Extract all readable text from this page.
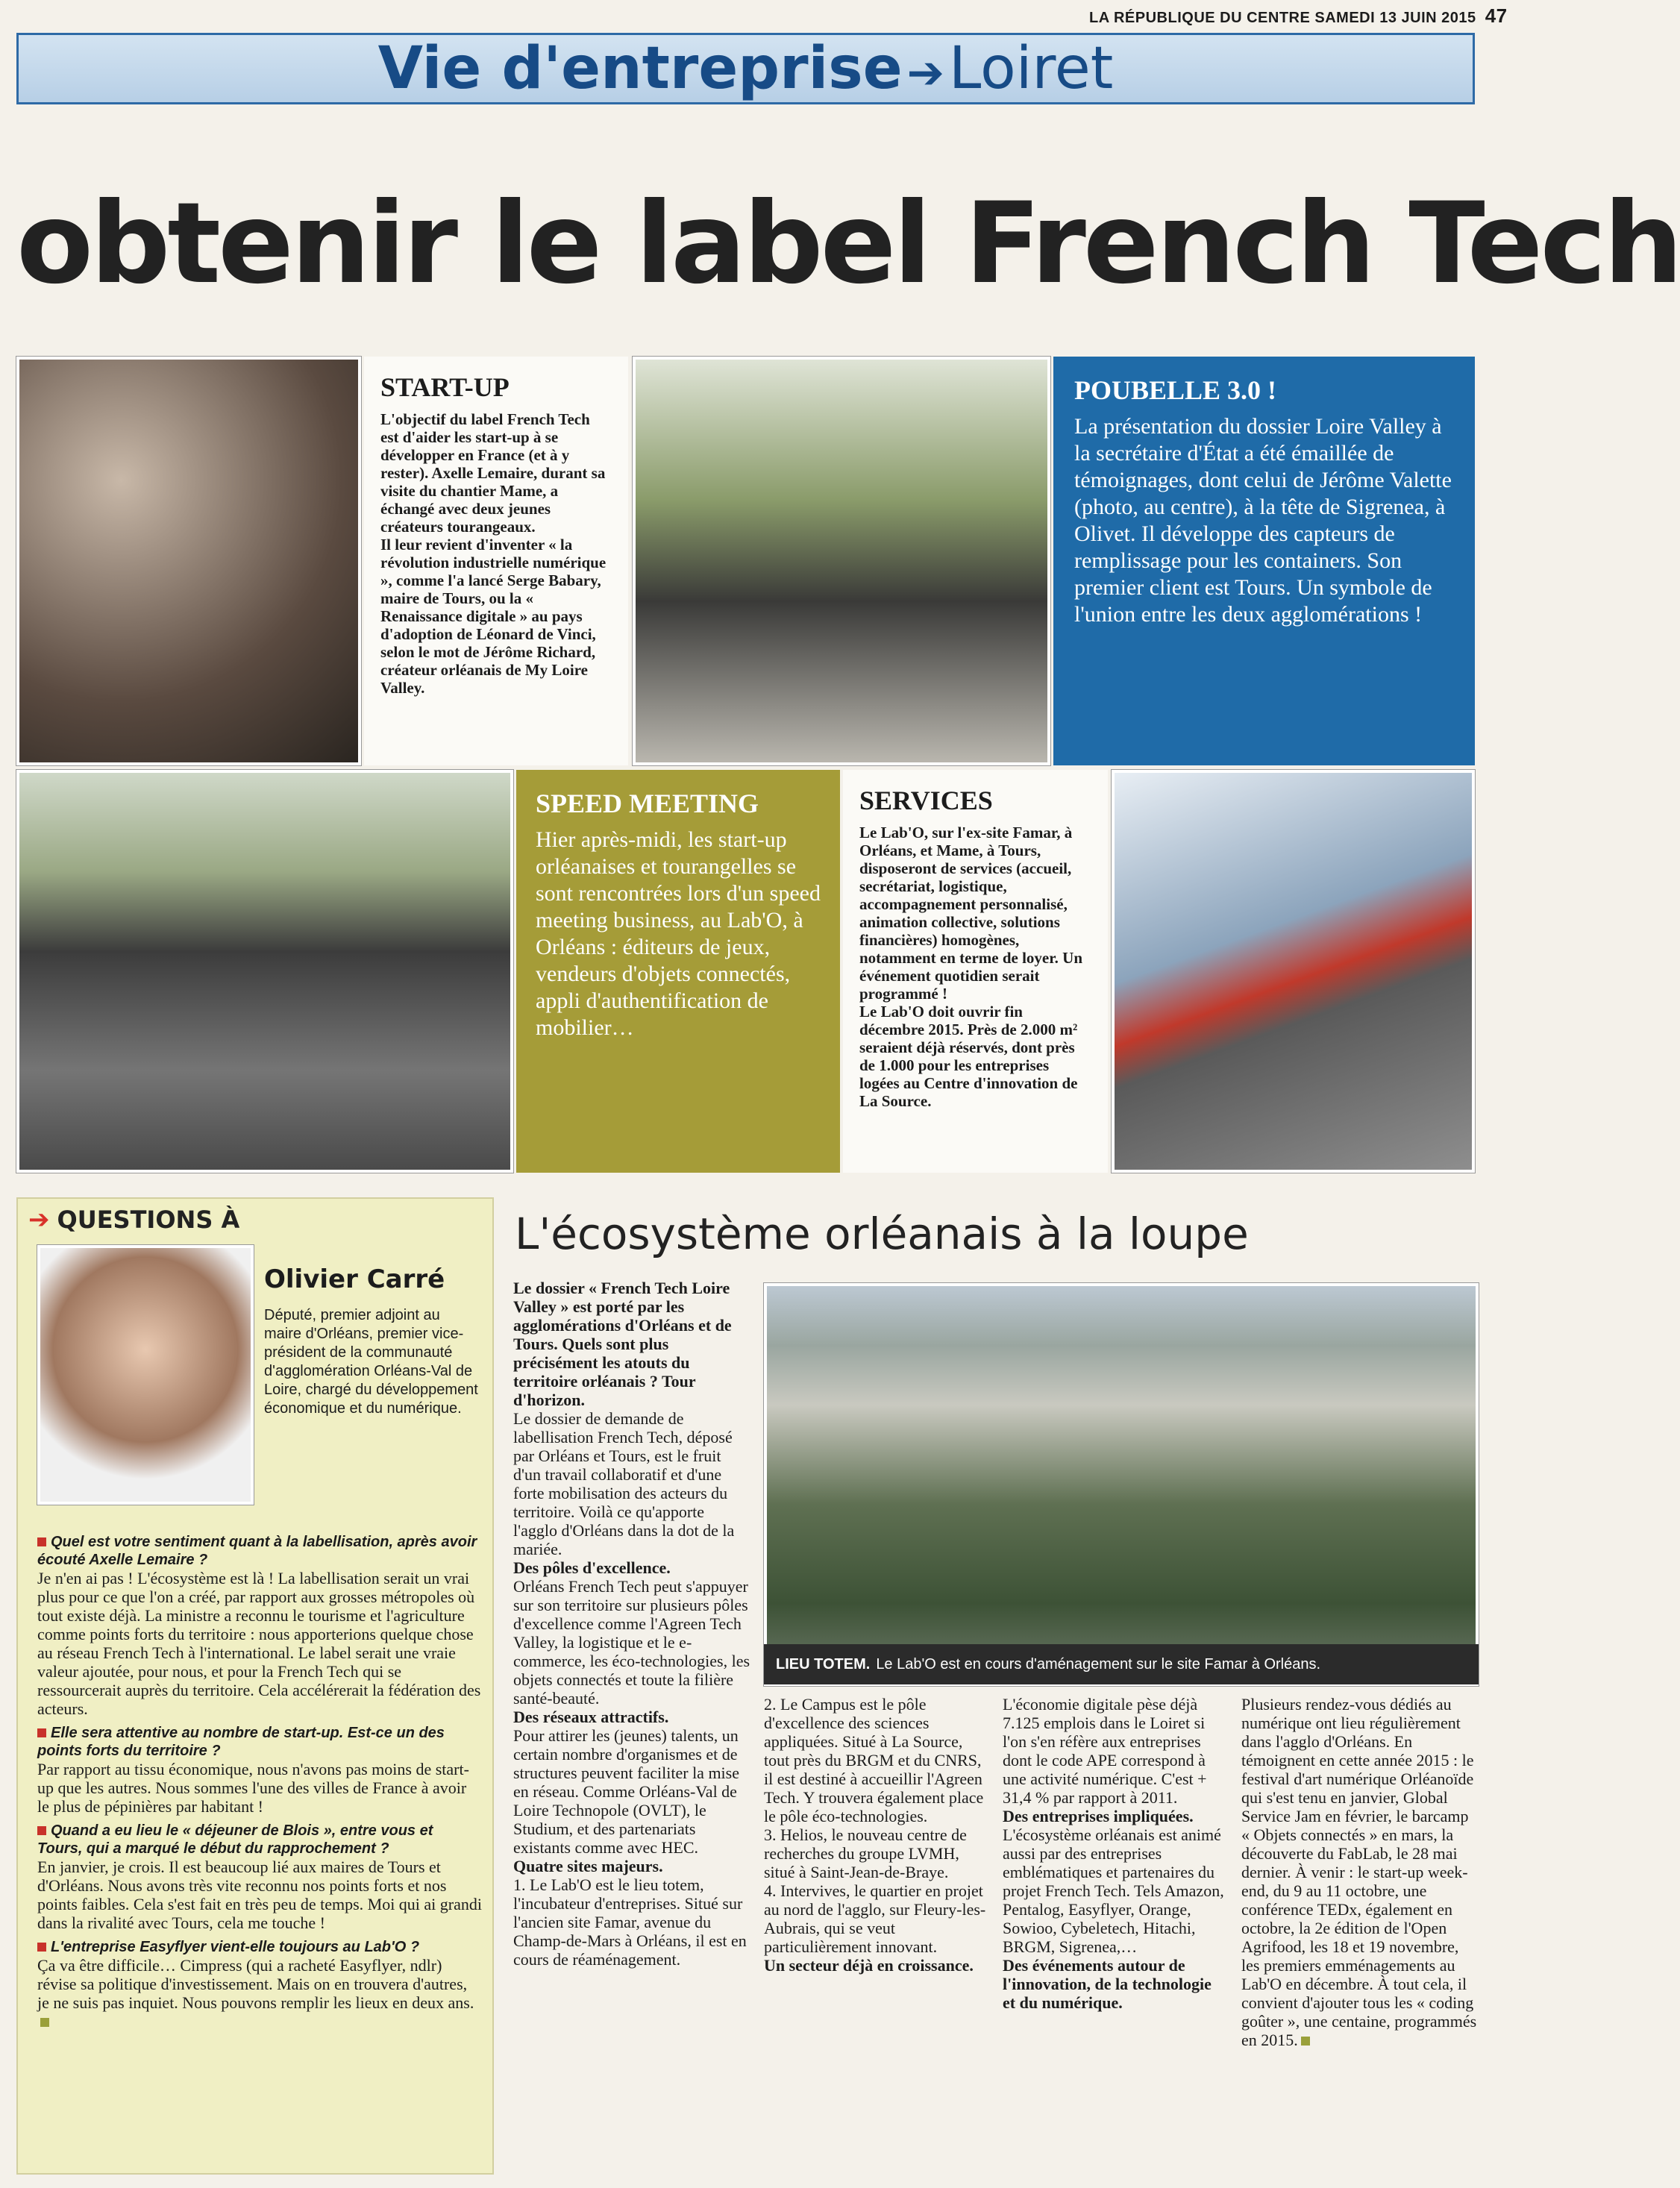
LA RÉPUBLIQUE DU CENTRE SAMEDI 13 JUIN 2015 47
Vie d'entreprise ➔Loiret
obtenir le label French Tech
START-UP
L'objectif du label French Tech est d'aider les start-up à se développer en France (et à y rester). Axelle Lemaire, durant sa visite du chantier Mame, a échangé avec deux jeunes créateurs tourangeaux.
Il leur revient d'inventer « la révolution industrielle numérique », comme l'a lancé Serge Babary, maire de Tours, ou la « Renaissance digitale » au pays d'adoption de Léonard de Vinci, selon le mot de Jérôme Richard, créateur orléanais de My Loire Valley.
POUBELLE 3.0 !
La présentation du dossier Loire Valley à la secrétaire d'État a été émaillée de témoignages, dont celui de Jérôme Valette (photo, au centre), à la tête de Sigrenea, à Olivet. Il développe des capteurs de remplissage pour les containers. Son premier client est Tours. Un symbole de l'union entre les deux agglomérations !
SPEED MEETING
Hier après-midi, les start-up orléanaises et tourangelles se sont rencontrées lors d'un speed meeting business, au Lab'O, à Orléans : éditeurs de jeux, vendeurs d'objets connectés, appli d'authentification de mobilier…
SERVICES
Le Lab'O, sur l'ex-site Famar, à Orléans, et Mame, à Tours, disposeront de services (accueil, secrétariat, logistique, accompagnement personnalisé, animation collective, solutions financières) homogènes, notamment en terme de loyer. Un événement quotidien serait programmé !
Le Lab'O doit ouvrir fin décembre 2015. Près de 2.000 m² seraient déjà réservés, dont près de 1.000 pour les entreprises logées au Centre d'innovation de La Source.
➔ QUESTIONS À
Olivier Carré
Député, premier adjoint au maire d'Orléans, premier vice-président de la communauté d'agglomération Orléans-Val de Loire, chargé du développement économique et du numérique.
Quel est votre sentiment quant à la labellisation, après avoir écouté Axelle Lemaire ?
Je n'en ai pas ! L'écosystème est là ! La labellisation serait un vrai plus pour ce que l'on a créé, par rapport aux grosses métropoles où tout existe déjà. La ministre a reconnu le tourisme et l'agriculture comme points forts du territoire : nous apporterions quelque chose au réseau French Tech à l'international. Le label serait une vraie valeur ajoutée, pour nous, et pour la French Tech qui se ressourcerait auprès du territoire. Cela accélérerait la fédération des acteurs.
Elle sera attentive au nombre de start-up. Est-ce un des points forts du territoire ?
Par rapport au tissu économique, nous n'avons pas moins de start-up que les autres. Nous sommes l'une des villes de France à avoir le plus de pépinières par habitant !
Quand a eu lieu le « déjeuner de Blois », entre vous et Tours, qui a marqué le début du rapprochement ?
En janvier, je crois. Il est beaucoup lié aux maires de Tours et d'Orléans. Nous avons très vite reconnu nos points forts et nos points faibles. Cela s'est fait en très peu de temps. Moi qui ai grandi dans la rivalité avec Tours, cela me touche !
L'entreprise Easyflyer vient-elle toujours au Lab'O ?
Ça va être difficile… Cimpress (qui a racheté Easyflyer, ndlr) révise sa politique d'investissement. Mais on en trouvera d'autres, je ne suis pas inquiet. Nous pouvons remplir les lieux en deux ans.
L'écosystème orléanais à la loupe

Le dossier « French Tech Loire Valley » est porté par les agglomérations d'Orléans et de Tours. Quels sont plus précisément les atouts du territoire orléanais ? Tour d'horizon.

Le dossier de demande de labellisation French Tech, déposé par Orléans et Tours, est le fruit d'un travail collaboratif et d'une forte mobilisation des acteurs du territoire. Voilà ce qu'apporte l'agglo d'Orléans dans la dot de la mariée.

Des pôles d'excellence.

Orléans French Tech peut s'appuyer sur son territoire sur plusieurs pôles d'excellence comme l'Agreen Tech Valley, la logistique et le e-commerce, les éco-technologies, les objets connectés et toute la filière santé-beauté.

Des réseaux attractifs.

Pour attirer les (jeunes) talents, un certain nombre d'organismes et de structures peuvent faciliter la mise en réseau. Comme Orléans-Val de Loire Technopole (OVLT), le Studium, et des partenariats existants comme avec HEC.

Quatre sites majeurs.

1. Le Lab'O est le lieu totem, l'incubateur d'entreprises. Situé sur l'ancien site Famar, avenue du Champ-de-Mars à Orléans, il est en cours de réaménagement.

LIEU TOTEM. Le Lab'O est en cours d'aménagement sur le site Famar à Orléans.

2. Le Campus est le pôle d'excellence des sciences appliquées. Situé à La Source, tout près du BRGM et du CNRS, il est destiné à accueillir l'Agreen Tech. Y trouvera également place le pôle éco-technologies.

3. Helios, le nouveau centre de recherches du groupe LVMH, situé à Saint-Jean-de-Braye.

4. Intervives, le quartier en projet au nord de l'agglo, sur Fleury-les-Aubrais, qui se veut particulièrement innovant.

Un secteur déjà en croissance.

L'économie digitale pèse déjà 7.125 emplois dans le Loiret si l'on s'en réfère aux entreprises dont le code APE correspond à une activité numérique. C'est + 31,4 % par rapport à 2011.

Des entreprises impliquées.

L'écosystème orléanais est animé aussi par des entreprises emblématiques et partenaires du projet French Tech. Tels Amazon, Pentalog, Easyflyer, Orange, Sowioo, Cybeletech, Hitachi, BRGM, Sigrenea,…

Des événements autour de l'innovation, de la technologie et du numérique.

Plusieurs rendez-vous dédiés au numérique ont lieu régulièrement dans l'agglo d'Orléans. En témoignent en cette année 2015 : le festival d'art numérique Orléanoïde qui s'est tenu en janvier, Global Service Jam en février, le barcamp « Objets connectés » en mars, la découverte du FabLab, le 28 mai dernier. À venir : le start-up week-end, du 9 au 11 octobre, une conférence TEDx, également en octobre, la 2e édition de l'Open Agrifood, les 18 et 19 novembre, les premiers emménagements au Lab'O en décembre. À tout cela, il convient d'ajouter tous les « coding goûter », une centaine, programmés en 2015.
